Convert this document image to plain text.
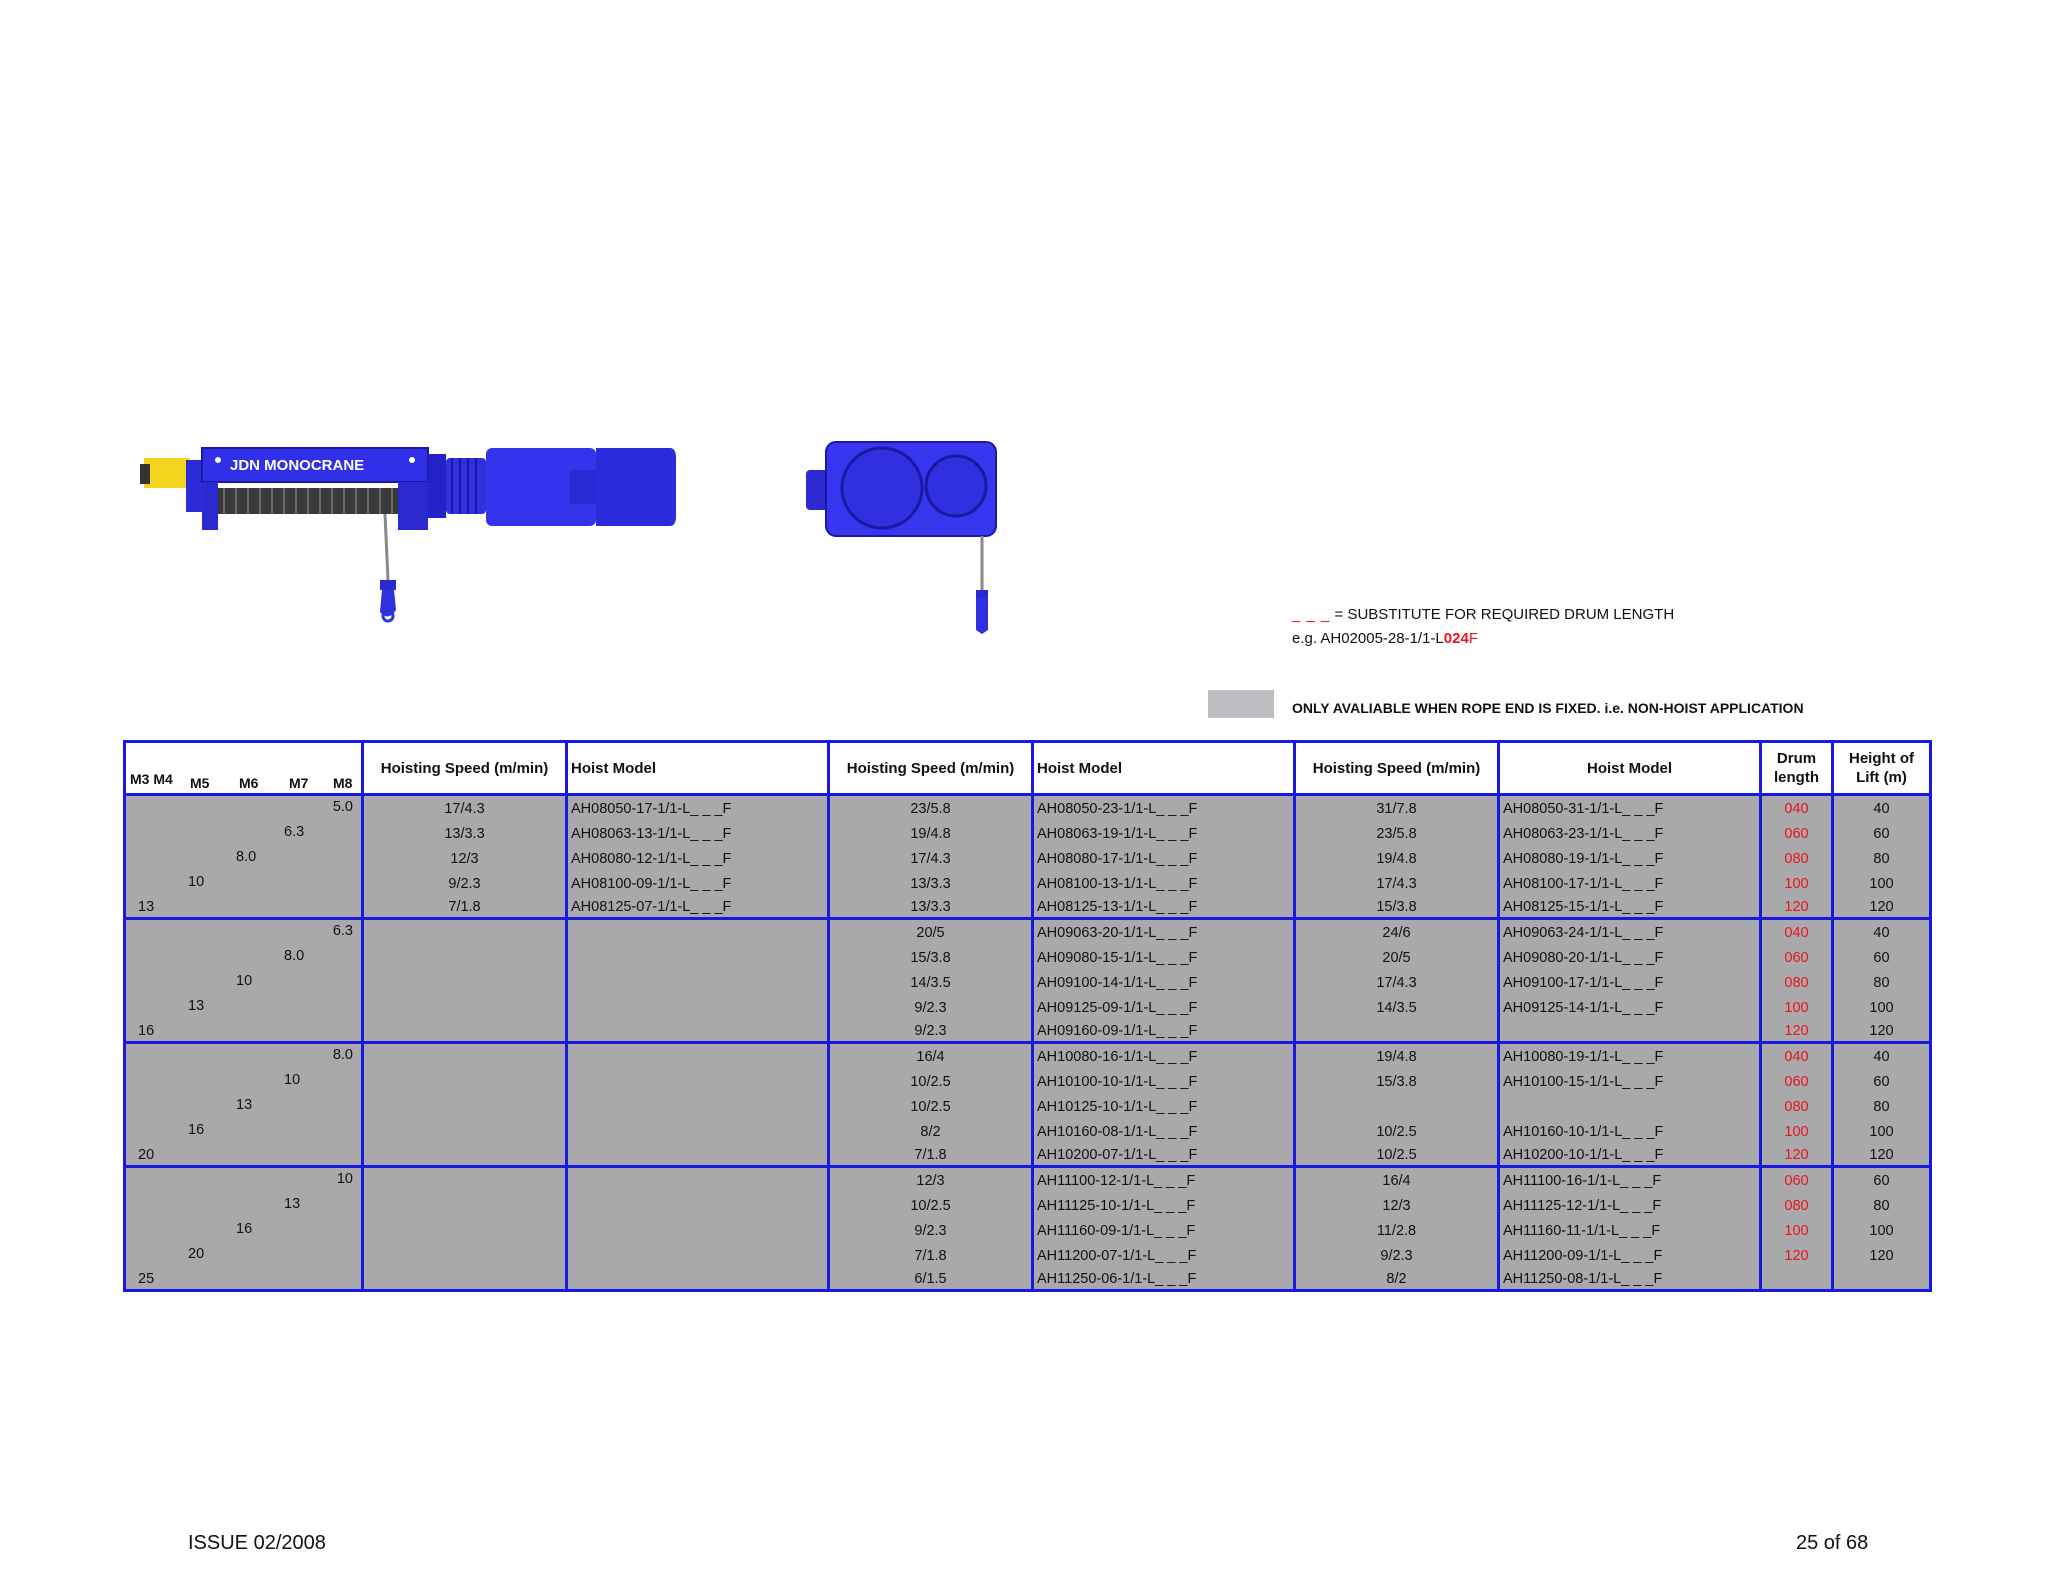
JDN MONOCRANE
_ _ _ = SUBSTITUTE FOR REQUIRED DRUM LENGTH
e.g. AH02005-28-1/1-L024F
ONLY AVALIABLE WHEN ROPE END IS FIXED. i.e. NON-HOIST APPLICATION
M3 M4 M5 M6 M7 M8	Hoisting Speed (m/min)	Hoist Model	Hoisting Speed (m/min)	Hoist Model	Hoisting Speed (m/min)	Hoist Model	Drum length	Height of Lift (m)

5.0	17/4.3	AH08050-17-1/1-L_ _ _F	23/5.8	AH08050-23-1/1-L_ _ _F	31/7.8	AH08050-31-1/1-L_ _ _F	040	40

6.3	13/3.3	AH08063-13-1/1-L_ _ _F	19/4.8	AH08063-19-1/1-L_ _ _F	23/5.8	AH08063-23-1/1-L_ _ _F	060	60

8.0	12/3	AH08080-12-1/1-L_ _ _F	17/4.3	AH08080-17-1/1-L_ _ _F	19/4.8	AH08080-19-1/1-L_ _ _F	080	80

10	9/2.3	AH08100-09-1/1-L_ _ _F	13/3.3	AH08100-13-1/1-L_ _ _F	17/4.3	AH08100-17-1/1-L_ _ _F	100	100

13	7/1.8	AH08125-07-1/1-L_ _ _F	13/3.3	AH08125-13-1/1-L_ _ _F	15/3.8	AH08125-15-1/1-L_ _ _F	120	120

6.3			20/5	AH09063-20-1/1-L_ _ _F	24/6	AH09063-24-1/1-L_ _ _F	040	40

8.0			15/3.8	AH09080-15-1/1-L_ _ _F	20/5	AH09080-20-1/1-L_ _ _F	060	60

10			14/3.5	AH09100-14-1/1-L_ _ _F	17/4.3	AH09100-17-1/1-L_ _ _F	080	80

13			9/2.3	AH09125-09-1/1-L_ _ _F	14/3.5	AH09125-14-1/1-L_ _ _F	100	100

16			9/2.3	AH09160-09-1/1-L_ _ _F			120	120

8.0			16/4	AH10080-16-1/1-L_ _ _F	19/4.8	AH10080-19-1/1-L_ _ _F	040	40

10			10/2.5	AH10100-10-1/1-L_ _ _F	15/3.8	AH10100-15-1/1-L_ _ _F	060	60

13			10/2.5	AH10125-10-1/1-L_ _ _F			080	80

16			8/2	AH10160-08-1/1-L_ _ _F	10/2.5	AH10160-10-1/1-L_ _ _F	100	100

20			7/1.8	AH10200-07-1/1-L_ _ _F	10/2.5	AH10200-10-1/1-L_ _ _F	120	120

10			12/3	AH11100-12-1/1-L_ _ _F	16/4	AH11100-16-1/1-L_ _ _F	060	60

13			10/2.5	AH11125-10-1/1-L_ _ _F	12/3	AH11125-12-1/1-L_ _ _F	080	80

16			9/2.3	AH11160-09-1/1-L_ _ _F	11/2.8	AH11160-11-1/1-L_ _ _F	100	100

20			7/1.8	AH11200-07-1/1-L_ _ _F	9/2.3	AH11200-09-1/1-L_ _ _F	120	120

25			6/1.5	AH11250-06-1/1-L_ _ _F	8/2	AH11250-08-1/1-L_ _ _F		
ISSUE 02/2008	25 of 68
